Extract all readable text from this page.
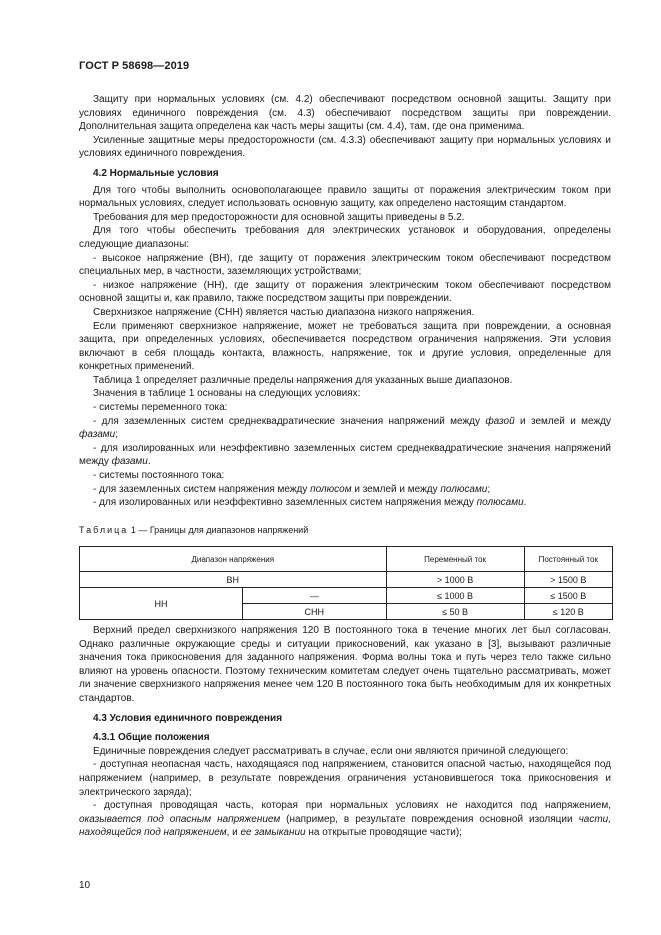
ГОСТ Р 58698—2019

Защиту при нормальных условиях (см. 4.2) обеспечивают посредством основной защиты. Защиту при условиях единичного повреждения (см. 4.3) обеспечивают посредством защиты при повреждении. Дополнительная защита определена как часть меры защиты (см. 4.4), там, где она применима.

Усиленные защитные меры предосторожности (см. 4.3.3) обеспечивают защиту при нормальных условиях и условиях единичного повреждения.

4.2 Нормальные условия

Для того чтобы выполнить основополагающее правило защиты от поражения электрическим током при нормальных условиях, следует использовать основную защиту, как определено настоящим стандартом.

Требования для мер предосторожности для основной защиты приведены в 5.2.

Для того чтобы обеспечить требования для электрических установок и оборудования, определены следующие диапазоны:

- высокое напряжение (ВН), где защиту от поражения электрическим током обеспечивают посредством специальных мер, в частности, заземляющих устройствами;

- низкое напряжение (НН), где защиту от поражения электрическим током обеспечивают посредством основной защиты и, как правило, также посредством защиты при повреждении.

Сверхнизкое напряжение (СНН) является частью диапазона низкого напряжения.

Если применяют сверхнизкое напряжение, может не требоваться защита при повреждении, а основная защита, при определенных условиях, обеспечивается посредством ограничения напряжения. Эти условия включают в себя площадь контакта, влажность, напряжение, ток и другие условия, определенные для конкретных применений.

Таблица 1 определяет различные пределы напряжения для указанных выше диапазонов.

Значения в таблице 1 основаны на следующих условиях:

- системы переменного тока:

- для заземленных систем среднеквадратические значения напряжений между фазой и землей и между фазами;

- для изолированных или неэффективно заземленных систем среднеквадратические значения напряжений между фазами.

- системы постоянного тока:

- для заземленных систем напряжения между полюсом и землей и между полюсами;

- для изолированных или неэффективно заземленных систем напряжения между полюсами.

Таблица 1 — Границы для диапазонов напряжений
Диапазон напряжения		Переменный ток	Постоянный ток
ВН		> 1000 В	> 1500 В
НН	—	≤ 1000 В	≤ 1500 В
	СНН	≤ 50 В	≤ 120 В

Верхний предел сверхнизкого напряжения 120 В постоянного тока в течение многих лет был согласован. Однако различные окружающие среды и ситуации прикосновений, как указано в [3], вызывают различные значения тока прикосновения для заданного напряжения. Форма волны тока и путь через тело также сильно влияют на уровень опасности. Поэтому техническим комитетам следует очень тщательно рассматривать, может ли значение сверхнизкого напряжения менее чем 120 В постоянного тока быть необходимым для их конкретных стандартов.

4.3 Условия единичного повреждения
4.3.1 Общие положения

Единичные повреждения следует рассматривать в случае, если они являются причиной следующего:

- доступная неопасная часть, находящаяся под напряжением, становится опасной частью, находящейся под напряжением (например, в результате повреждения ограничения установившегося тока прикосновения и электрического заряда);

- доступная проводящая часть, которая при нормальных условиях не находится под напряжением, оказывается под опасным напряжением (например, в результате повреждения основной изоляции части, находящейся под напряжением, и ее замыкании на открытые проводящие части);

10
